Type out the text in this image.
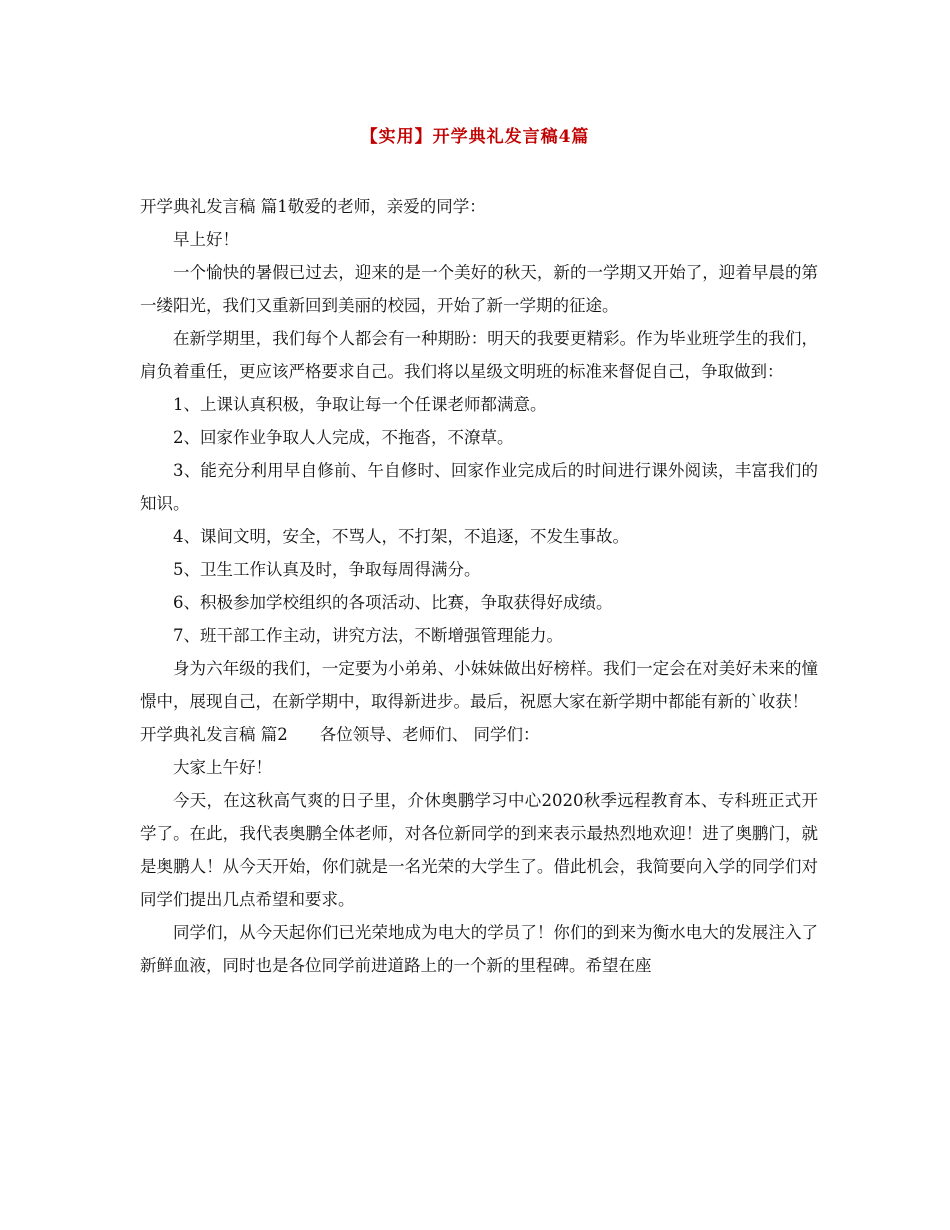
【实用】开学典礼发言稿4篇

开学典礼发言稿 篇1敬爱的老师，亲爱的同学：

早上好！

一个愉快的暑假已过去，迎来的是一个美好的秋天，新的一学期又开始了，迎着早晨的第一缕阳光，我们又重新回到美丽的校园，开始了新一学期的征途。

在新学期里，我们每个人都会有一种期盼：明天的我要更精彩。作为毕业班学生的我们，肩负着重任，更应该严格要求自己。我们将以星级文明班的标准来督促自己，争取做到：

1、上课认真积极，争取让每一个任课老师都满意。

2、回家作业争取人人完成，不拖沓，不潦草。

3、能充分利用早自修前、午自修时、回家作业完成后的时间进行课外阅读，丰富我们的知识。

4、课间文明，安全，不骂人，不打架，不追逐，不发生事故。

5、卫生工作认真及时，争取每周得满分。

6、积极参加学校组织的各项活动、比赛，争取获得好成绩。

7、班干部工作主动，讲究方法，不断增强管理能力。

身为六年级的我们，一定要为小弟弟、小妹妹做出好榜样。我们一定会在对美好未来的憧憬中，展现自己，在新学期中，取得新进步。最后，祝愿大家在新学期中都能有新的`收获！

开学典礼发言稿 篇2 各位领导、老师们、 同学们：

大家上午好！

今天，在这秋高气爽的日子里，介休奥鹏学习中心2020秋季远程教育本、专科班正式开学了。在此，我代表奥鹏全体老师，对各位新同学的到来表示最热烈地欢迎！进了奥鹏门，就是奥鹏人！从今天开始，你们就是一名光荣的大学生了。借此机会，我简要向入学的同学们对同学们提出几点希望和要求。

同学们，从今天起你们已光荣地成为电大的学员了！你们的到来为衡水电大的发展注入了新鲜血液，同时也是各位同学前进道路上的一个新的里程碑。希望在座
